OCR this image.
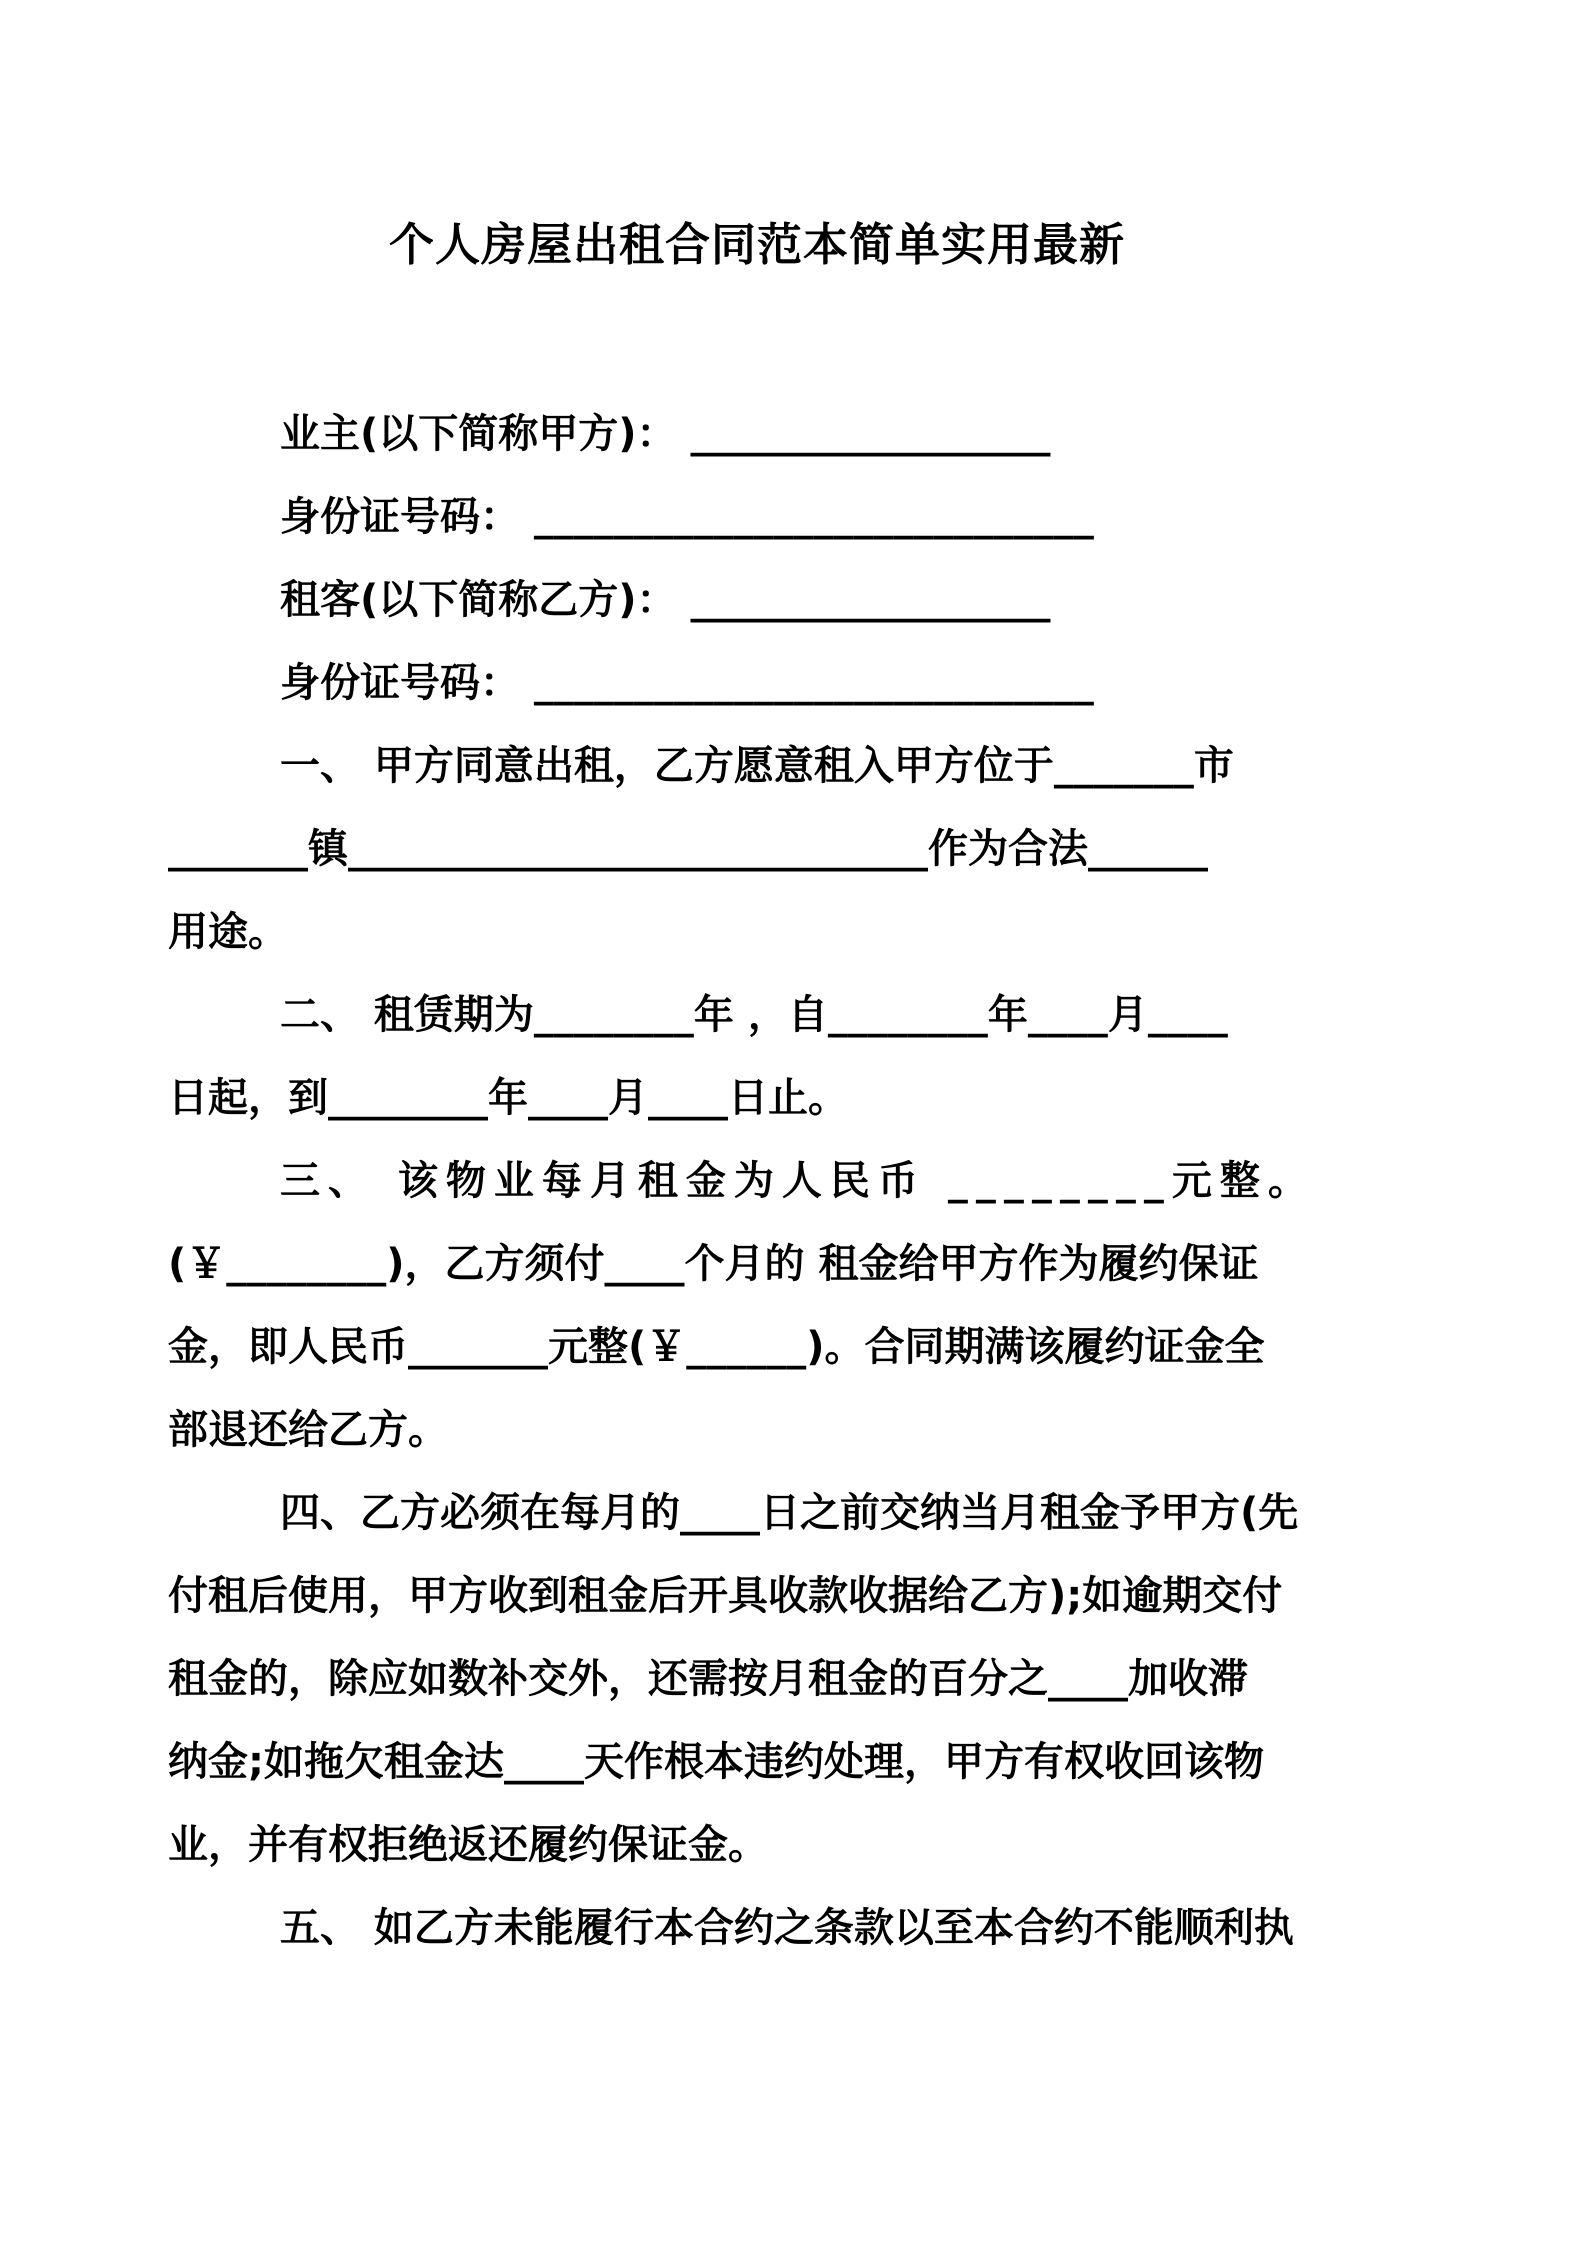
个人房屋出租合同范本简单实用最新

业主(以下简称甲方)： __________________

身份证号码： ____________________________

租客(以下简称乙方)： __________________

身份证号码： ____________________________

一、 甲方同意出租，乙方愿意租入甲方位于_______市

_______镇_____________________________作为合法______

用途。

二、 租赁期为________年 ，自________年____月____

日起，到________年____月____日止。

三、 该物业每月租金为人民币 ________元整。

(￥________)，乙方须付____个月的 租金给甲方作为履约保证

金，即人民币_______元整(￥______)。合同期满该履约证金全

部退还给乙方。

四、乙方必须在每月的____日之前交纳当月租金予甲方(先

付租后使用，甲方收到租金后开具收款收据给乙方);如逾期交付

租金的，除应如数补交外，还需按月租金的百分之____加收滞

纳金;如拖欠租金达____天作根本违约处理，甲方有权收回该物

业，并有权拒绝返还履约保证金。

五、 如乙方未能履行本合约之条款以至本合约不能顺利执
